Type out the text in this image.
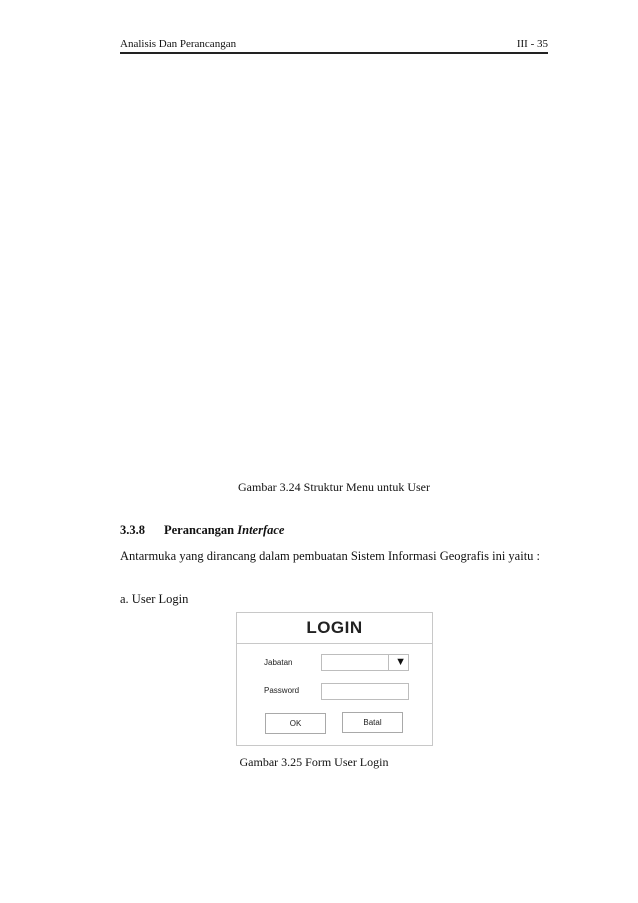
Analisis Dan Perancangan	III - 35
Gambar 3.24 Struktur Menu untuk User
3.3.8 Perancangan Interface
Antarmuka yang dirancang dalam pembuatan Sistem Informasi Geografis ini yaitu :
a. User Login
LOGIN
Jabatan	▼
Password
OK	Batal
Gambar 3.25 Form User Login
